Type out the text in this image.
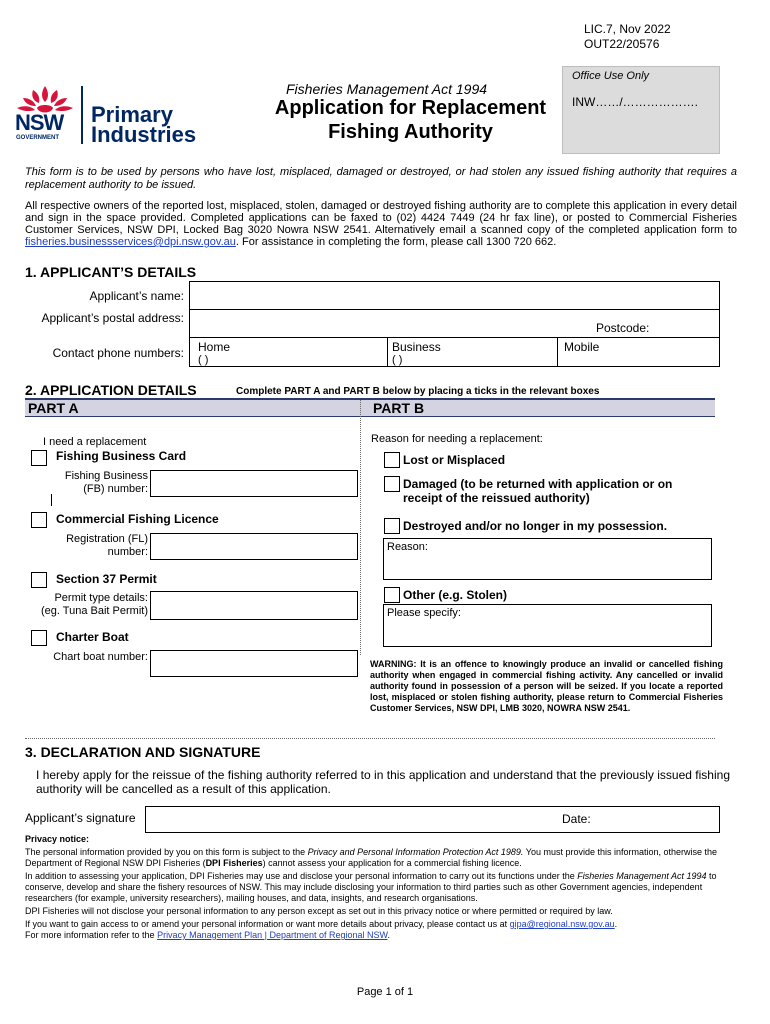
LIC.7, Nov 2022
OUT22/20576
Office Use Only
INW……/……………….
NSW
GOVERNMENT
Primary
Industries
Fisheries Management Act 1994
Application for Replacement
Fishing Authority
This form is to be used by persons who have lost, misplaced, damaged or destroyed, or had stolen any issued fishing authority that requires a replacement authority to be issued.
All respective owners of the reported lost, misplaced, stolen, damaged or destroyed fishing authority are to complete this application in every detail and sign in the space provided. Completed applications can be faxed to (02) 4424 7449 (24 hr fax line), or posted to Commercial Fisheries Customer Services, NSW DPI, Locked Bag 3020 Nowra NSW 2541. Alternatively email a scanned copy of the completed application form to fisheries.businessservices@dpi.nsw.gov.au. For assistance in completing the form, please call 1300 720 662.
1. APPLICANT’S DETAILS
Applicant’s name:
Applicant’s postal address:
Postcode:
Contact phone numbers: Home
( )
Business
( )
Mobile
2. APPLICATION DETAILS	Complete PART A and PART B below by placing a ticks in the relevant boxes
PART A	PART B
I need a replacement
Fishing Business Card
Fishing Business
(FB) number:
Commercial Fishing Licence
Registration (FL)
number:
Section 37 Permit
Permit type details:
(eg. Tuna Bait Permit)
Charter Boat
Chart boat number:
Reason for needing a replacement:
Lost or Misplaced
Damaged (to be returned with application or on
receipt of the reissued authority)
Destroyed and/or no longer in my possession.
Reason:
Other (e.g. Stolen)
Please specify:
WARNING: It is an offence to knowingly produce an invalid or cancelled fishing authority when engaged in commercial fishing activity. Any cancelled or invalid authority found in possession of a person will be seized. If you locate a reported lost, misplaced or stolen fishing authority, please return to Commercial Fisheries Customer Services, NSW DPI, LMB 3020, NOWRA NSW 2541.
3. DECLARATION AND SIGNATURE
I hereby apply for the reissue of the fishing authority referred to in this application and understand that the previously issued fishing authority will be cancelled as a result of this application.
Applicant’s signature	Date:
Privacy notice:
The personal information provided by you on this form is subject to the Privacy and Personal Information Protection Act 1989. You must provide this information, otherwise the Department of Regional NSW DPI Fisheries (DPI Fisheries) cannot assess your application for a commercial fishing licence.
In addition to assessing your application, DPI Fisheries may use and disclose your personal information to carry out its functions under the Fisheries Management Act 1994 to conserve, develop and share the fishery resources of NSW. This may include disclosing your information to third parties such as other Government agencies, independent researchers (for example, university researchers), mailing houses, and data, insights, and research organisations.
DPI Fisheries will not disclose your personal information to any person except as set out in this privacy notice or where permitted or required by law.
If you want to gain access to or amend your personal information or want more details about privacy, please contact us at gipa@regional.nsw.gov.au.
For more information refer to the Privacy Management Plan | Department of Regional NSW.
Page 1 of 1
